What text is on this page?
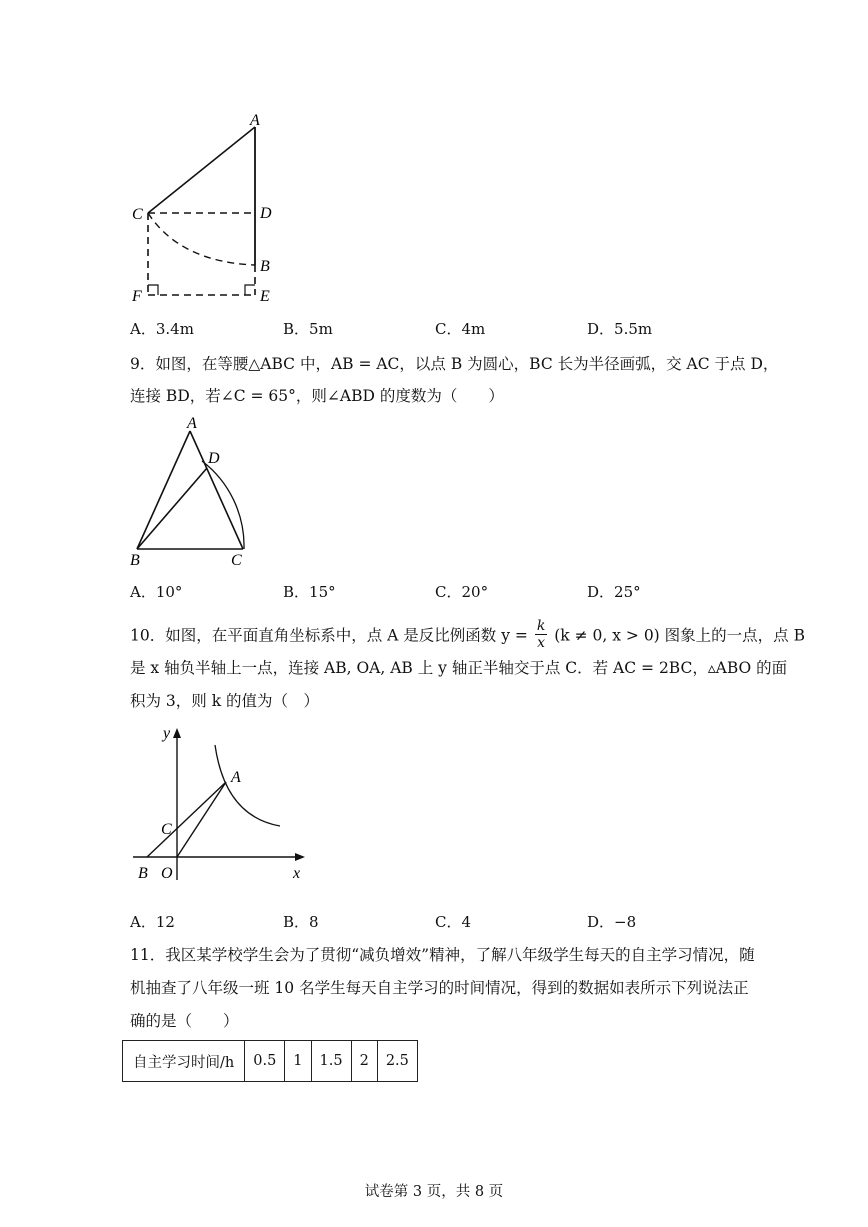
A
C	D
B
F	E
A．3.4m	B．5m	C．4m	D．5.5m
9．如图，在等腰△ABC 中，AB = AC，以点 B 为圆心，BC 长为半径画弧，交 AC 于点 D，
连接 BD，若∠C = 65°，则∠ABD 的度数为（　　）
A
D
B	C
A．10°	B．15°	C．20°	D．25°
10．如图，在平面直角坐标系中，点 A 是反比例函数 $y = \frac{k}{x} (k \ne 0$, x > 0) 图象上的一点，点 B
是 x 轴负半轴上一点，连接 AB, OA, AB 上 y 轴正半轴交于点 C．若 AC = 2BC，▵ABO 的面
积为 3，则 k 的值为（　）
y
A
C
B O	x
A．12	B．8	C．4	D．−8
11．我区某学校学生会为了贯彻“减负增效”精神，了解八年级学生每天的自主学习情况，随
机抽查了八年级一班 10 名学生每天自主学习的时间情况，得到的数据如表所示下列说法正
确的是（　　）
自主学习时间/h	0.5	1	1.5	2	2.5
试卷第 3 页，共 8 页
